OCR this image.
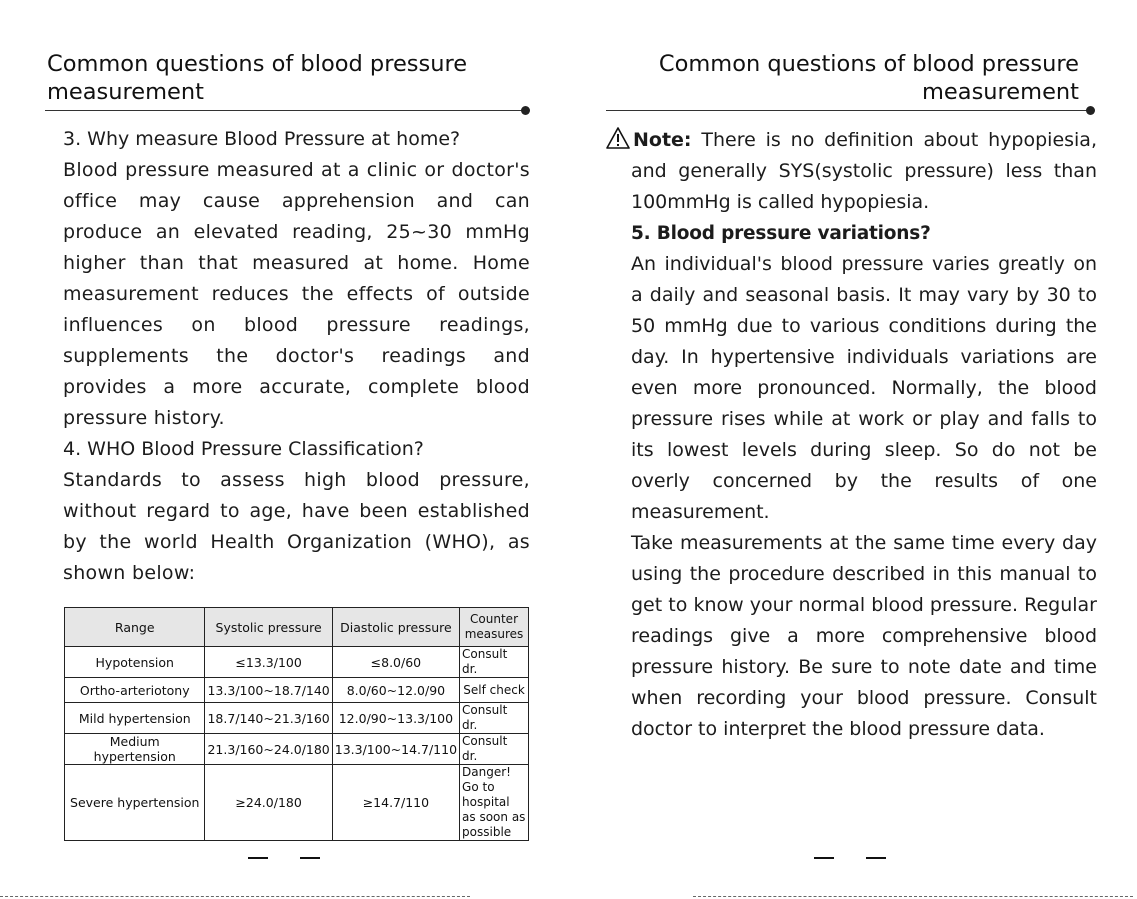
Common questions of blood pressure
measurement
3. Why measure Blood Pressure at home?
Blood pressure measured at a clinic or doctor's office may cause apprehension and can produce an elevated reading, 25~30 mmHg higher than that measured at home. Home measurement reduces the effects of outside influences on blood pressure readings, supplements the doctor's readings and provides a more accurate, complete blood pressure history.
4. WHO Blood Pressure Classification?
Standards to assess high blood pressure, without regard to age, have been established by the world Health Organization (WHO), as shown below:
Range	Systolic pressure	Diastolic pressure	Counter measures
Hypotension	≤13.3/100	≤8.0/60	Consult dr.
Ortho-arteriotony	13.3/100~18.7/140	8.0/60~12.0/90	Self check
Mild hypertension	18.7/140~21.3/160	12.0/90~13.3/100	Consult dr.
Medium hypertension	21.3/160~24.0/180	13.3/100~14.7/110	Consult dr.
Severe hypertension	≥24.0/180	≥14.7/110	Danger! Go to hospital as soon as possible
Common questions of blood pressure
measurement
Note: There is no definition about hypopiesia, and generally SYS(systolic pressure) less than 100mmHg is called hypopiesia.
5. Blood pressure variations?
An individual's blood pressure varies greatly on a daily and seasonal basis. It may vary by 30 to 50 mmHg due to various conditions during the day. In hypertensive individuals variations are even more pronounced. Normally, the blood pressure rises while at work or play and falls to its lowest levels during sleep. So do not be overly concerned by the results of one measurement.
Take measurements at the same time every day using the procedure described in this manual to get to know your normal blood pressure. Regular readings give a more comprehensive blood pressure history. Be sure to note date and time when recording your blood pressure. Consult doctor to interpret the blood pressure data.
